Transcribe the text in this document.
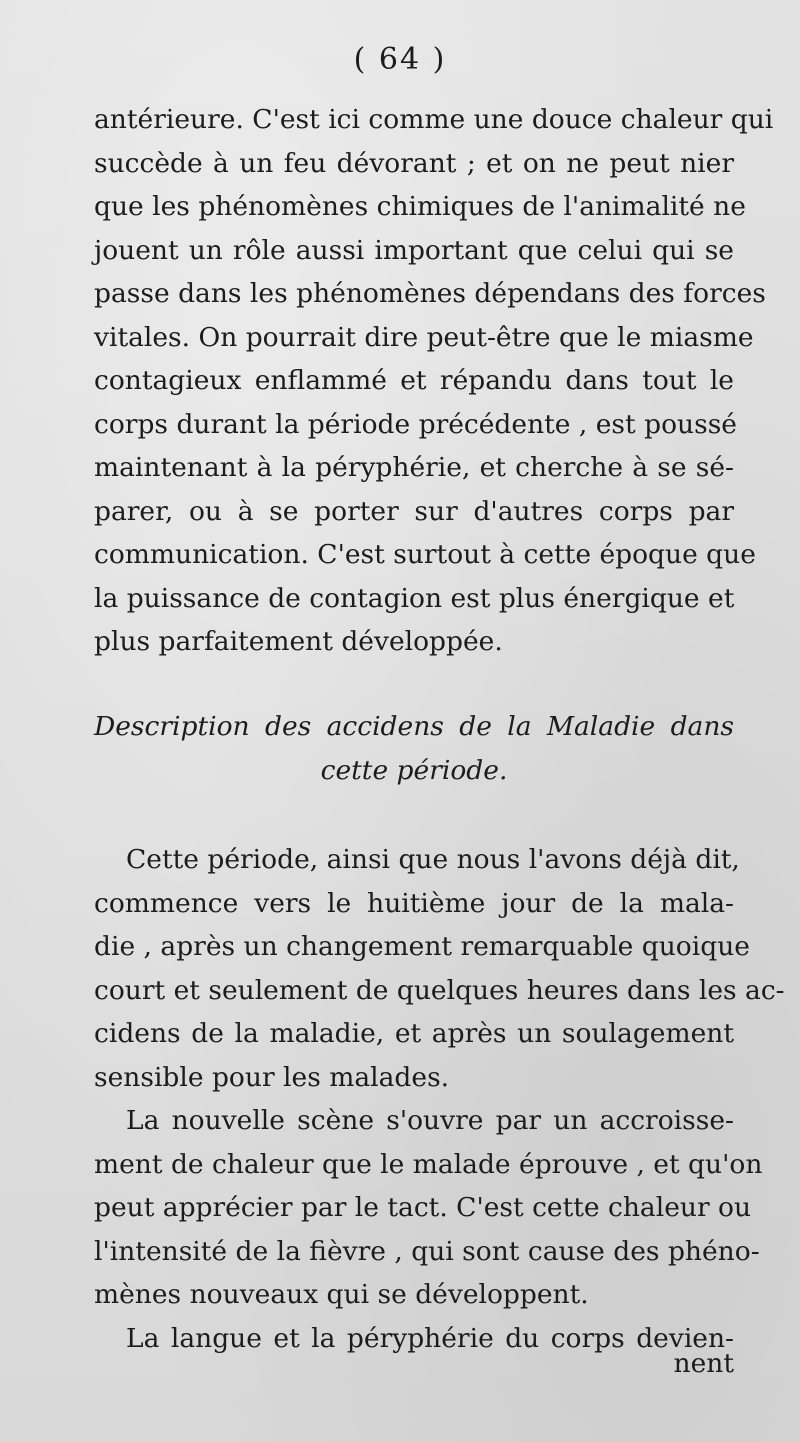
( 64 )
antérieure. C'est ici comme une douce chaleur qui
succède à un feu dévorant ; et on ne peut nier
que les phénomènes chimiques de l'animalité ne
jouent un rôle aussi important que celui qui se
passe dans les phénomènes dépendans des forces
vitales. On pourrait dire peut-être que le miasme
contagieux enflammé et répandu dans tout le
corps durant la période précédente , est poussé
maintenant à la péryphérie, et cherche à se sé-
parer, ou à se porter sur d'autres corps par
communication. C'est surtout à cette époque que
la puissance de contagion est plus énergique et
plus parfaitement développée.
Description des accidens de la Maladie dans
cette période.
Cette période, ainsi que nous l'avons déjà dit,
commence vers le huitième jour de la mala-
die , après un changement remarquable quoique
court et seulement de quelques heures dans les ac-
cidens de la maladie, et après un soulagement
sensible pour les malades.
La nouvelle scène s'ouvre par un accroisse-
ment de chaleur que le malade éprouve , et qu'on
peut apprécier par le tact. C'est cette chaleur ou
l'intensité de la fièvre , qui sont cause des phéno-
mènes nouveaux qui se développent.
La langue et la péryphérie du corps devien-
nent
